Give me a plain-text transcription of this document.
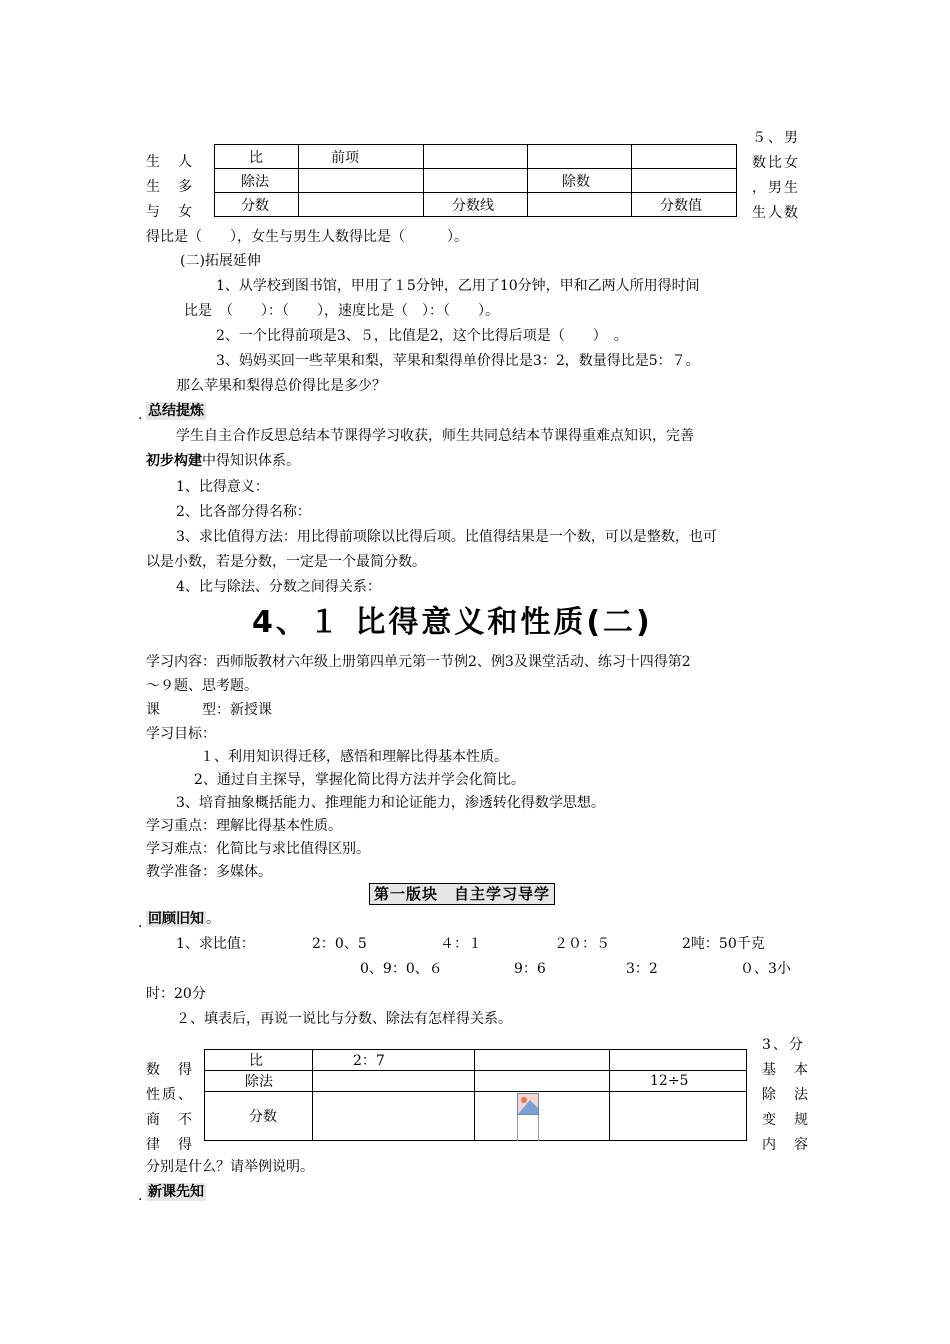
生　人
生　多
与　女
５、男
数比女
，男生
生人数
比	前项			
除法			除数	
分数		分数线		分数值
得比是（　　），女生与男生人数得比是（　　　）。
(二)拓展延伸
1、从学校到图书馆，甲用了１5分钟，乙用了10分钟，甲和乙两人所用得时间
比是　（　　）：（　　），速度比是（　）：（　　）。
2、一个比得前项是3、５，比值是2，这个比得后项是（　　）　。
3、妈妈买回一些苹果和梨，苹果和梨得单价得比是3：2，数量得比是5：７。
那么苹果和梨得总价得比是多少？
. 总结提炼
学生自主合作反思总结本节课得学习收获，师生共同总结本节课得重难点知识，完善
初步构建中得知识体系。
1、比得意义：
2、比各部分得名称：
3、求比值得方法：用比得前项除以比得后项。比值得结果是一个数，可以是整数，也可
以是小数，若是分数，一定是一个最简分数。
4、比与除法、分数之间得关系：
4、１ 比得意义和性质(二)
学习内容：西师版教材六年级上册第四单元第一节例2、例3及课堂活动、练习十四得第2
～９题、思考题。
课　　　型：新授课
学习目标：
１、利用知识得迁移，感悟和理解比得基本性质。
2、通过自主探导，掌握化简比得方法并学会化简比。
3、培育抽象概括能力、推理能力和论证能力，渗透转化得数学思想。
学习重点：理解比得基本性质。
学习难点：化简比与求比值得区别。
教学准备：多媒体。
第一版块　自主学习导学
. 回顾旧知 。
1、求比值：	2：0、5	４：１	２０：５	2吨：50千克
0、9：0、６	9：6	3：2	０、3小
时：20分
２、填表后，再说一说比与分数、除法有怎样得关系。
数　得
性质、
商　不
律　得
3、分
基　本
除　法
变　规
内　容
比	2：7		
除法			12÷5
分数			
分别是什么？请举例说明。
. 新课先知
